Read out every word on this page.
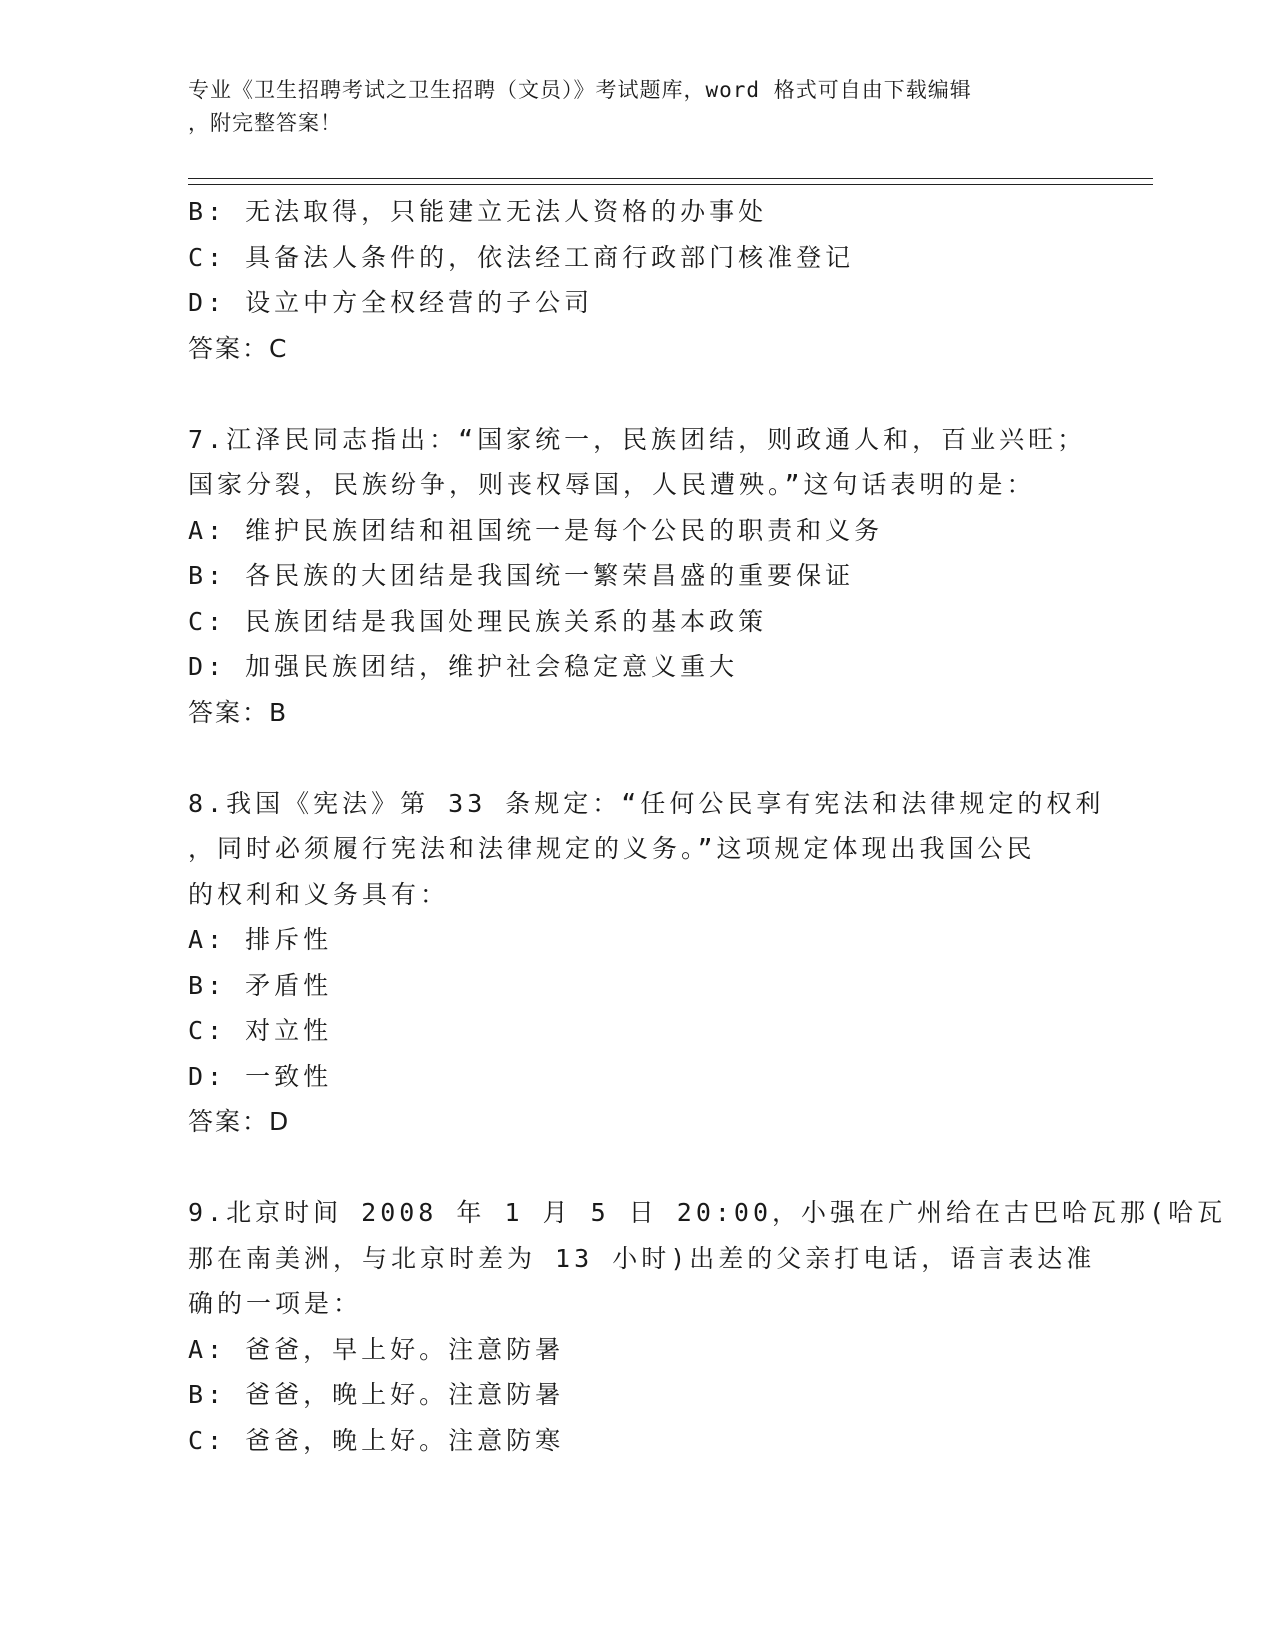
专业《卫生招聘考试之卫生招聘（文员）》考试题库，word 格式可自由下载编辑
，附完整答案！
B: 无法取得，只能建立无法人资格的办事处
C: 具备法人条件的，依法经工商行政部门核准登记
D: 设立中方全权经营的子公司
答案：C
7.江泽民同志指出：“国家统一，民族团结，则政通人和，百业兴旺；
国家分裂，民族纷争，则丧权辱国，人民遭殃。”这句话表明的是：
A: 维护民族团结和祖国统一是每个公民的职责和义务
B: 各民族的大团结是我国统一繁荣昌盛的重要保证
C: 民族团结是我国处理民族关系的基本政策
D: 加强民族团结，维护社会稳定意义重大
答案：B
8.我国《宪法》第 33 条规定：“任何公民享有宪法和法律规定的权利
，同时必须履行宪法和法律规定的义务。”这项规定体现出我国公民
的权利和义务具有：
A: 排斥性
B: 矛盾性
C: 对立性
D: 一致性
答案：D
9.北京时间 2008 年 1 月 5 日 20:00，小强在广州给在古巴哈瓦那(哈瓦
那在南美洲，与北京时差为 13 小时)出差的父亲打电话，语言表达准
确的一项是：
A: 爸爸，早上好。注意防暑
B: 爸爸，晚上好。注意防暑
C: 爸爸，晚上好。注意防寒
